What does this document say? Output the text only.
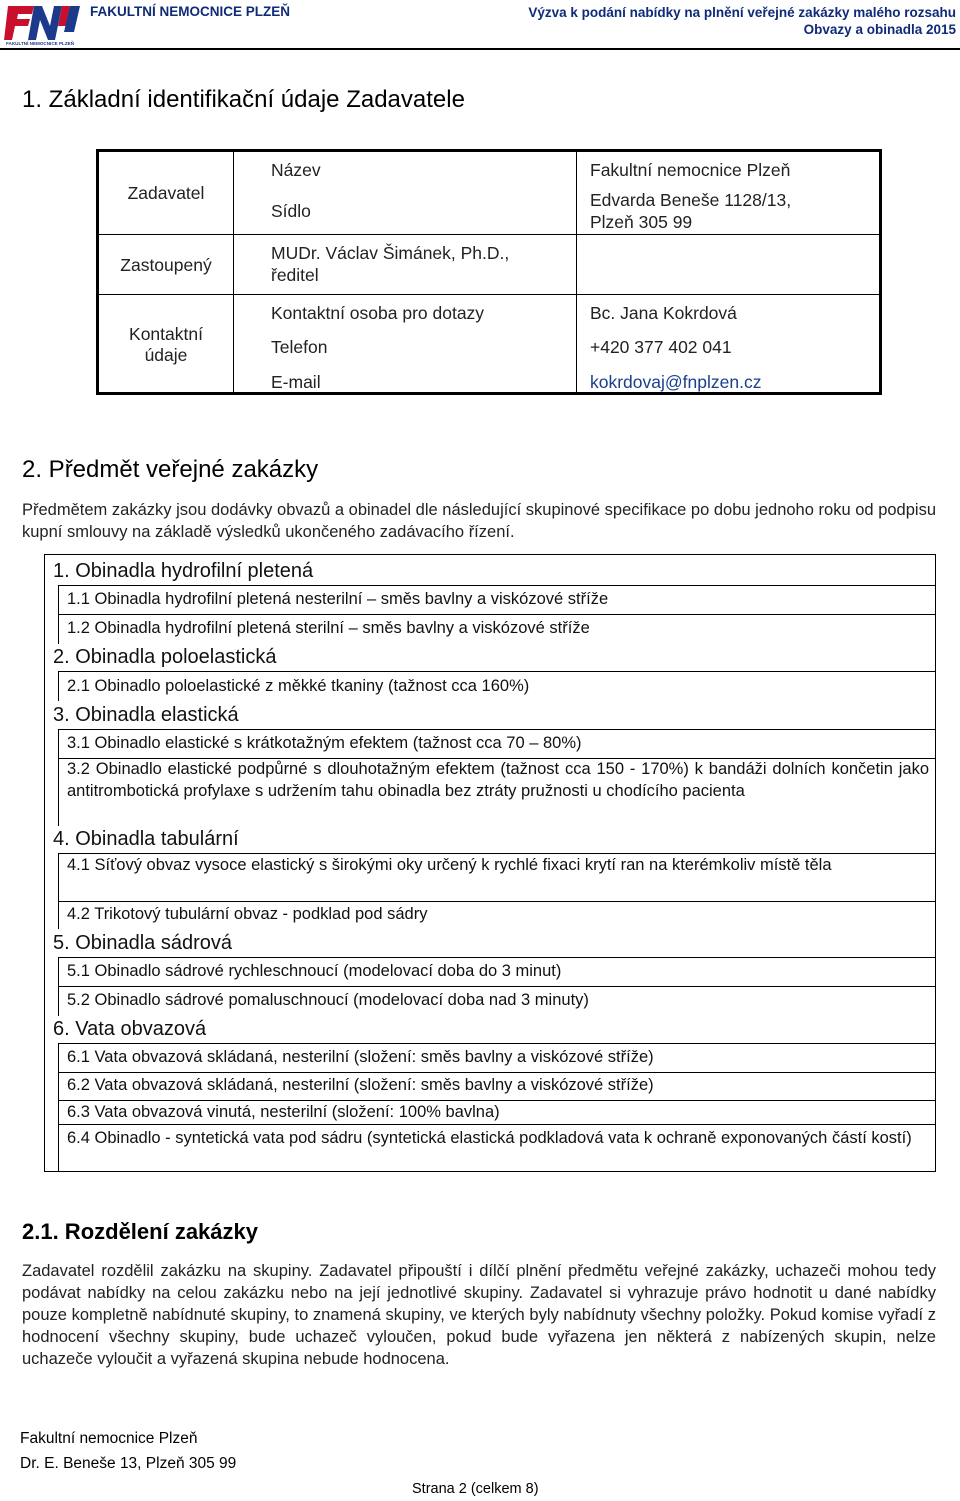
FAKULTNÍ NEMOCNICE PLZEŇ
FAKULTNÍ NEMOCNICE PLZEŇ	Výzva k podání nabídky na plnění veřejné zakázky malého rozsahu
Obvazy a obinadla 2015
1. Základní identifikační údaje Zadavatele
Zadavatel
Zastoupený
Kontaktní údaje
Název
Sídlo
MUDr. Václav Šimánek, Ph.D.,
ředitel
Kontaktní osoba pro dotazy
Telefon
E-mail
Fakultní nemocnice Plzeň
Edvarda Beneše 1128/13,
Plzeň 305 99
Bc. Jana Kokrdová
+420 377 402 041
kokrdovaj@fnplzen.cz
2. Předmět veřejné zakázky
Předmětem zakázky jsou dodávky obvazů a obinadel dle následující skupinové specifikace po dobu jednoho roku od podpisu kupní smlouvy na základě výsledků ukončeného zadávacího řízení.
1. Obinadla hydrofilní pletená
1.1 Obinadla hydrofilní pletená nesterilní – směs bavlny a viskózové stříže
1.2 Obinadla hydrofilní pletená sterilní – směs bavlny a viskózové stříže
2. Obinadla poloelastická
2.1 Obinadlo poloelastické z měkké tkaniny (tažnost cca 160%)
3. Obinadla elastická
3.1 Obinadlo elastické s krátkotažným efektem (tažnost cca 70 – 80%)
3.2 Obinadlo elastické podpůrné s dlouhotažným efektem (tažnost cca 150 - 170%) k bandáži dolních končetin jako antitrombotická profylaxe s udržením tahu obinadla bez ztráty pružnosti u chodícího pacienta
4. Obinadla tabulární
4.1 Síťový obvaz vysoce elastický s širokými oky určený k rychlé fixaci krytí ran na kterémkoliv místě těla
4.2 Trikotový tubulární obvaz - podklad pod sádry
5. Obinadla sádrová
5.1 Obinadlo sádrové rychleschnoucí (modelovací doba do 3 minut)
5.2 Obinadlo sádrové pomaluschnoucí (modelovací doba nad 3 minuty)
6. Vata obvazová
6.1 Vata obvazová skládaná, nesterilní (složení: směs bavlny a viskózové stříže)
6.2 Vata obvazová skládaná, nesterilní (složení: směs bavlny a viskózové stříže)
6.3 Vata obvazová vinutá, nesterilní (složení: 100% bavlna)
6.4 Obinadlo - syntetická vata pod sádru (syntetická elastická podkladová vata k ochraně exponovaných částí kostí)
2.1. Rozdělení zakázky
Zadavatel rozdělil zakázku na skupiny. Zadavatel připouští i dílčí plnění předmětu veřejné zakázky, uchazeči mohou tedy podávat nabídky na celou zakázku nebo na její jednotlivé skupiny. Zadavatel si vyhrazuje právo hodnotit u dané nabídky pouze kompletně nabídnuté skupiny, to znamená skupiny, ve kterých byly nabídnuty všechny položky. Pokud komise vyřadí z hodnocení všechny skupiny, bude uchazeč vyloučen, pokud bude vyřazena jen některá z nabízených skupin, nelze uchazeče vyloučit a vyřazená skupina nebude hodnocena.
Fakultní nemocnice Plzeň
Dr. E. Beneše 13, Plzeň 305 99
Strana 2 (celkem 8)
